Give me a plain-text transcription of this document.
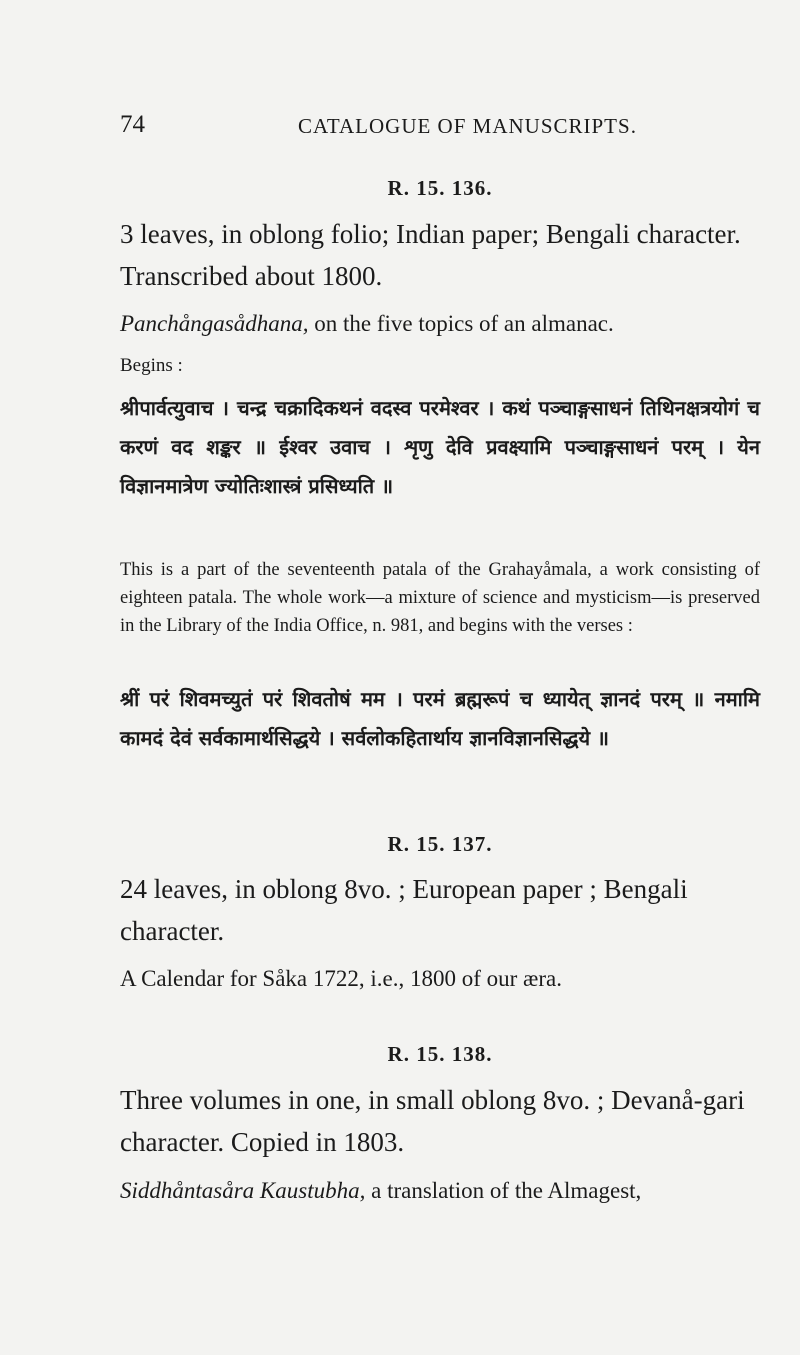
74	CATALOGUE OF MANUSCRIPTS.
R. 15. 136.
3 leaves, in oblong folio; Indian paper; Bengali character. Transcribed about 1800.
Panchångasådhana, on the five topics of an almanac.
Begins :
श्रीपार्वत्युवाच । चन्द्र चक्रादिकथनं वदस्व परमेश्वर । कथं पञ्चाङ्गसाधनं तिथिनक्षत्रयोगं च करणं वद शङ्कर ॥ ईश्वर उवाच । शृणु देवि प्रवक्ष्यामि पञ्चाङ्गसाधनं परम् । येन विज्ञानमात्रेण ज्योतिःशास्त्रं प्रसिध्यति ॥
This is a part of the seventeenth patala of the Grahayåmala, a work consisting of eighteen patala. The whole work—a mixture of science and mysticism—is preserved in the Library of the India Office, n. 981, and begins with the verses :
श्रीं परं शिवमच्युतं परं शिवतोषं मम । परमं ब्रह्मरूपं च ध्यायेत् ज्ञानदं परम् ॥ नमामि कामदं देवं सर्वकामार्थसिद्धये । सर्वलोकहितार्थाय ज्ञानविज्ञानसिद्धये ॥
R. 15. 137.
24 leaves, in oblong 8vo. ; European paper ; Bengali character.
A Calendar for Såka 1722, i.e., 1800 of our æra.
R. 15. 138.
Three volumes in one, in small oblong 8vo. ; Devanå-gari character. Copied in 1803.
Siddhåntasåra Kaustubha, a translation of the Almagest,
